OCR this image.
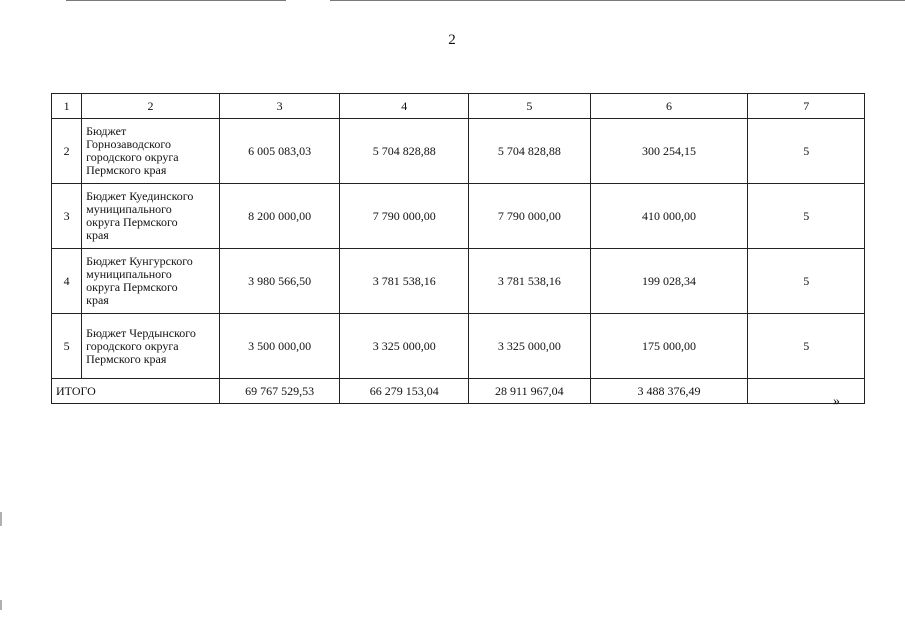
2
1	2	3	4	5	6	7
2	Бюджет
Горнозаводского
городского округа
Пермского края	6 005 083,03	5 704 828,88	5 704 828,88	300 254,15	5
3	Бюджет Куединского
муниципального
округа Пермского
края	8 200 000,00	7 790 000,00	7 790 000,00	410 000,00	5
4	Бюджет Кунгурского
муниципального
округа Пермского
края	3 980 566,50	3 781 538,16	3 781 538,16	199 028,34	5
5	Бюджет Чердынского
городского округа
Пермского края	3 500 000,00	3 325 000,00	3 325 000,00	175 000,00	5
ИТОГО		69 767 529,53	66 279 153,04	28 911 967,04	3 488 376,49	
»
